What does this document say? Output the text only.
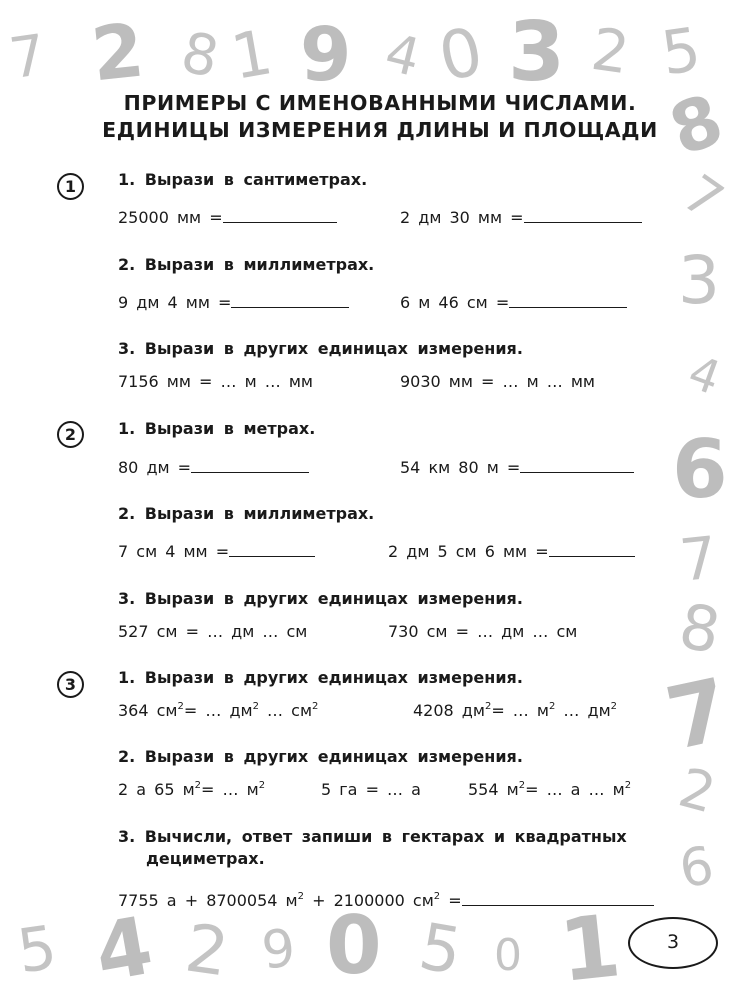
7 2 8 1 9 4 0 3 2 5
8
7
3
4
6
7
8
7
2
6
5 4 2 9 0 5 0 1
ПРИМЕРЫ С ИМЕНОВАННЫМИ ЧИСЛАМИ.
ЕДИНИЦЫ ИЗМЕРЕНИЯ ДЛИНЫ И ПЛОЩАДИ
1	1. Вырази в сантиметрах.
25000 мм =	2 дм 30 мм =
2. Вырази в миллиметрах.
9 дм 4 мм =	6 м 46 см =
3. Вырази в других единицах измерения.
7156 мм = … м … мм	9030 мм = … м … мм
2	1. Вырази в метрах.
80 дм =	54 км 80 м =
2. Вырази в миллиметрах.
7 см 4 мм =	2 дм 5 см 6 мм =
3. Вырази в других единицах измерения.
527 см = … дм … см	730 см = … дм … см
3	1. Вырази в других единицах измерения.
364 $см^2=$ … $дм^2$ … $см^2$	4208 $дм^2=$ … $м^2$ … $дм^2$
2. Вырази в других единицах измерения.
2 а 65 $м^2=$ … $м^2$	5 га = … а	554 $м^2=$ … а … $м^2$
3. Вычисли, ответ запиши в гектарах и квадратных
дециметрах.
7755 а + 8700054 $м^2 + 2100000$ $см^2$ =
3
